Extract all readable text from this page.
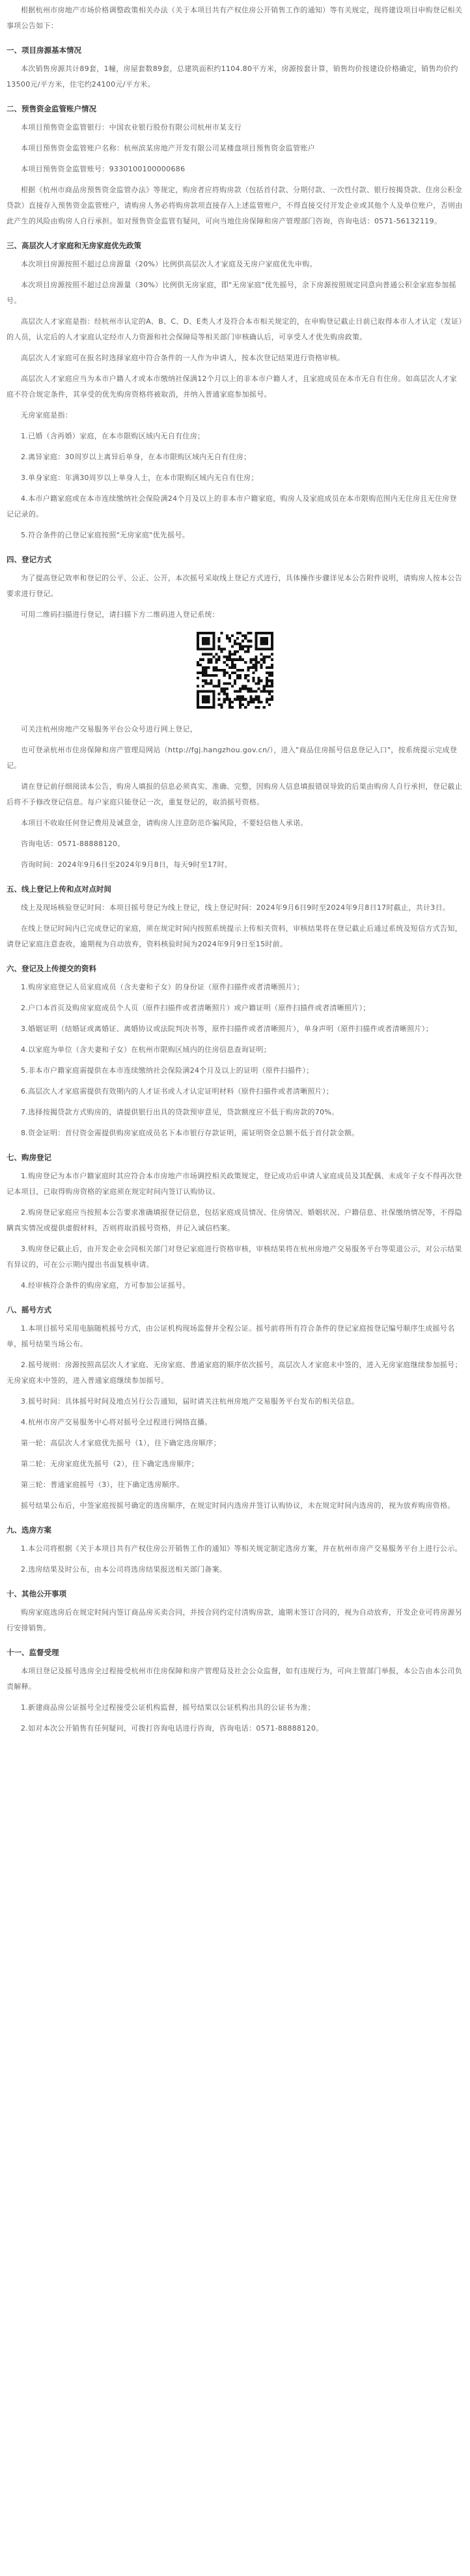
根据杭州市房地产市场价格调整政策相关办法（关于本项目共有产权住房公开销售工作的通知）等有关规定，现将建设项目申购登记相关事项公告如下：

一、项目房源基本情况

本次销售房源共计89套，1幢，房屋套数89套，总建筑面积约1104.80平方米，房源按套计算，销售均价按建设价格确定，销售均价约13500元/平方米，住宅约24100元/平方米。

二、预售资金监管账户情况

本项目预售资金监管银行：中国农业银行股份有限公司杭州市某支行

本项目预售资金监管账户名称：杭州滨某房地产开发有限公司某楼盘项目预售资金监管账户

本项目预售资金监管账号：9330100100000686

根据《杭州市商品房预售资金监管办法》等规定，购房者应将购房款（包括首付款、分期付款、一次性付款、银行按揭贷款、住房公积金贷款）直接存入预售资金监管账户，请购房人务必将购房款项直接存入上述监管账户，不得直接交付开发企业或其他个人及单位账户，否则由此产生的风险由购房人自行承担。如对预售资金监管有疑问，可向当地住房保障和房产管理部门咨询，咨询电话：0571-56132119。

三、高层次人才家庭和无房家庭优先政策

本次项目房源按照不超过总房源量（20%）比例供高层次人才家庭及无房户家庭优先申购。

本次项目房源按照不超过总房源量（30%）比例供无房家庭，即"无房家庭"优先摇号，余下房源按照规定同意向普通公积金家庭参加摇号。

高层次人才家庭是指：经杭州市认定的A、B、C、D、E类人才及符合本市相关规定的，在申购登记截止日前已取得本市人才认定（发证）的人员，认定后的人才家庭认定经市人力资源和社会保障局等相关部门审核确认后，可享受人才优先购房政策。

高层次人才家庭可在报名时选择家庭中符合条件的一人作为申请人，按本次登记结果进行资格审核。

高层次人才家庭应当为本市户籍人才或本市缴纳社保满12个月以上的非本市户籍人才，且家庭成员在本市无自有住房。如高层次人才家庭不符合规定条件，其享受的优先购房资格将被取消，并纳入普通家庭参加摇号。

无房家庭是指：

1.已婚（含再婚）家庭，在本市限购区域内无自有住房；

2.离异家庭：30周岁以上离异后单身，在本市限购区域内无自有住房；

3.单身家庭：年满30周岁以上单身人士，在本市限购区域内无自有住房；

4.本市户籍家庭或在本市连续缴纳社会保险满24个月及以上的非本市户籍家庭，购房人及家庭成员在本市限购范围内无住房且无住房登记记录的。

5.符合条件的已登记家庭按照"无房家庭"优先摇号。

四、登记方式

为了提高登记效率和登记的公平、公正、公开，本次摇号采取线上登记方式进行，具体操作步骤详见本公告附件说明，请购房人按本公告要求进行登记。

可用二维码扫描进行登记，请扫描下方二维码进入登记系统：

可关注杭州房地产交易服务平台公众号进行网上登记，

也可登录杭州市住房保障和房产管理局网站（http://fgj.hangzhou.gov.cn/），进入"商品住房摇号信息登记入口"，按系统提示完成登记。

请在登记前仔细阅读本公告，购房人填报的信息必须真实、准确、完整，因购房人信息填报错误导致的后果由购房人自行承担，登记截止后将不予修改登记信息。每户家庭只能登记一次，重复登记的，取消摇号资格。

本项目不收取任何登记费用及诚意金，请购房人注意防范诈骗风险，不要轻信他人承诺。

咨询电话：0571-88888120。

咨询时间：2024年9月6日至2024年9月8日，每天9时至17时。

五、线上登记上传和点对点时间

线上及现场核验登记时间：本项目摇号登记为线上登记，线上登记时间：2024年9月6日9时至2024年9月8日17时截止，共计3日。

在线上登记时间内已完成登记的家庭，须在规定时间内按照系统提示上传相关资料，审核结果将在登记截止后通过系统及短信方式告知，请登记家庭注意查收，逾期视为自动放弃，资料核验时间为2024年9月9日至15时前。

六、登记及上传提交的资料

1.购房家庭登记人员家庭成员（含夫妻和子女）的身份证（原件扫描件或者清晰照片）；

2.户口本首页及购房家庭成员个人页（原件扫描件或者清晰照片）或户籍证明（原件扫描件或者清晰照片）；

3.婚姻证明（结婚证或离婚证、离婚协议或法院判决书等，原件扫描件或者清晰照片），单身声明（原件扫描件或者清晰照片）；

4.以家庭为单位（含夫妻和子女）在杭州市限购区域内的住房信息查询证明；

5.非本市户籍家庭需提供在本市连续缴纳社会保险满24个月及以上的证明（原件扫描件）；

6.高层次人才家庭需提供有效期内的人才证书或人才认定证明材料（原件扫描件或者清晰照片）；

7.选择按揭贷款方式购房的，请提供银行出具的贷款预审意见，贷款额度应不低于购房款的70%。

8.资金证明：首付资金需提供购房家庭成员名下本市银行存款证明，需证明资金总额不低于首付款金额。

七、购房登记

1.购房登记为本市户籍家庭时其应符合本市房地产市场调控相关政策规定，登记成功后申请人家庭成员及其配偶、未成年子女不得再次登记本项目，已取得购房资格的家庭须在规定时间内签订认购协议。

2.购房登记家庭应当按照本公告要求准确填报登记信息，包括家庭成员情况、住房情况、婚姻状况、户籍信息、社保缴纳情况等，不得隐瞒真实情况或提供虚假材料，否则将取消摇号资格，并记入诚信档案。

3.购房登记截止后，由开发企业会同相关部门对登记家庭进行资格审核，审核结果将在杭州房地产交易服务平台等渠道公示，对公示结果有异议的，可在公示期内提出书面复核申请。

4.经审核符合条件的购房家庭，方可参加公证摇号。

八、摇号方式

1.本项目摇号采用电脑随机摇号方式，由公证机构现场监督并全程公证。摇号前将所有符合条件的登记家庭按登记编号顺序生成摇号名单，摇号结果当场公布。

2.摇号规则：房源按照高层次人才家庭、无房家庭、普通家庭的顺序依次摇号，高层次人才家庭未中签的，进入无房家庭继续参加摇号；无房家庭未中签的，进入普通家庭继续参加摇号。

3.摇号时间：具体摇号时间及地点另行公告通知，届时请关注杭州房地产交易服务平台发布的相关信息。

4.杭州市房产交易服务中心将对摇号全过程进行网络直播。

第一轮：高层次人才家庭优先摇号（1），往下确定选房顺序；

第二轮：无房家庭优先摇号（2），往下确定选房顺序；

第三轮：普通家庭摇号（3），往下确定选房顺序。

摇号结果公布后，中签家庭按摇号确定的选房顺序，在规定时间内选房并签订认购协议，未在规定时间内选房的，视为放弃购房资格。

九、选房方案

1.本公司将根据《关于本项目共有产权住房公开销售工作的通知》等相关规定制定选房方案，并在杭州市房产交易服务平台上进行公示。

2.选房结果及时公布，由本公司将选房结果报送相关部门备案。

十、其他公开事项

购房家庭选房后在规定时间内签订商品房买卖合同，并按合同约定付清购房款，逾期未签订合同的，视为自动放弃，开发企业可将房源另行安排销售。

十一、监督受理

本项目登记及摇号选房全过程接受杭州市住房保障和房产管理局及社会公众监督，如有违规行为，可向主管部门举报，本公告由本公司负责解释。

1.新建商品房公证摇号全过程接受公证机构监督，摇号结果以公证机构出具的公证书为准；

2.如对本次公开销售有任何疑问，可拨打咨询电话进行咨询，咨询电话：0571-88888120。
